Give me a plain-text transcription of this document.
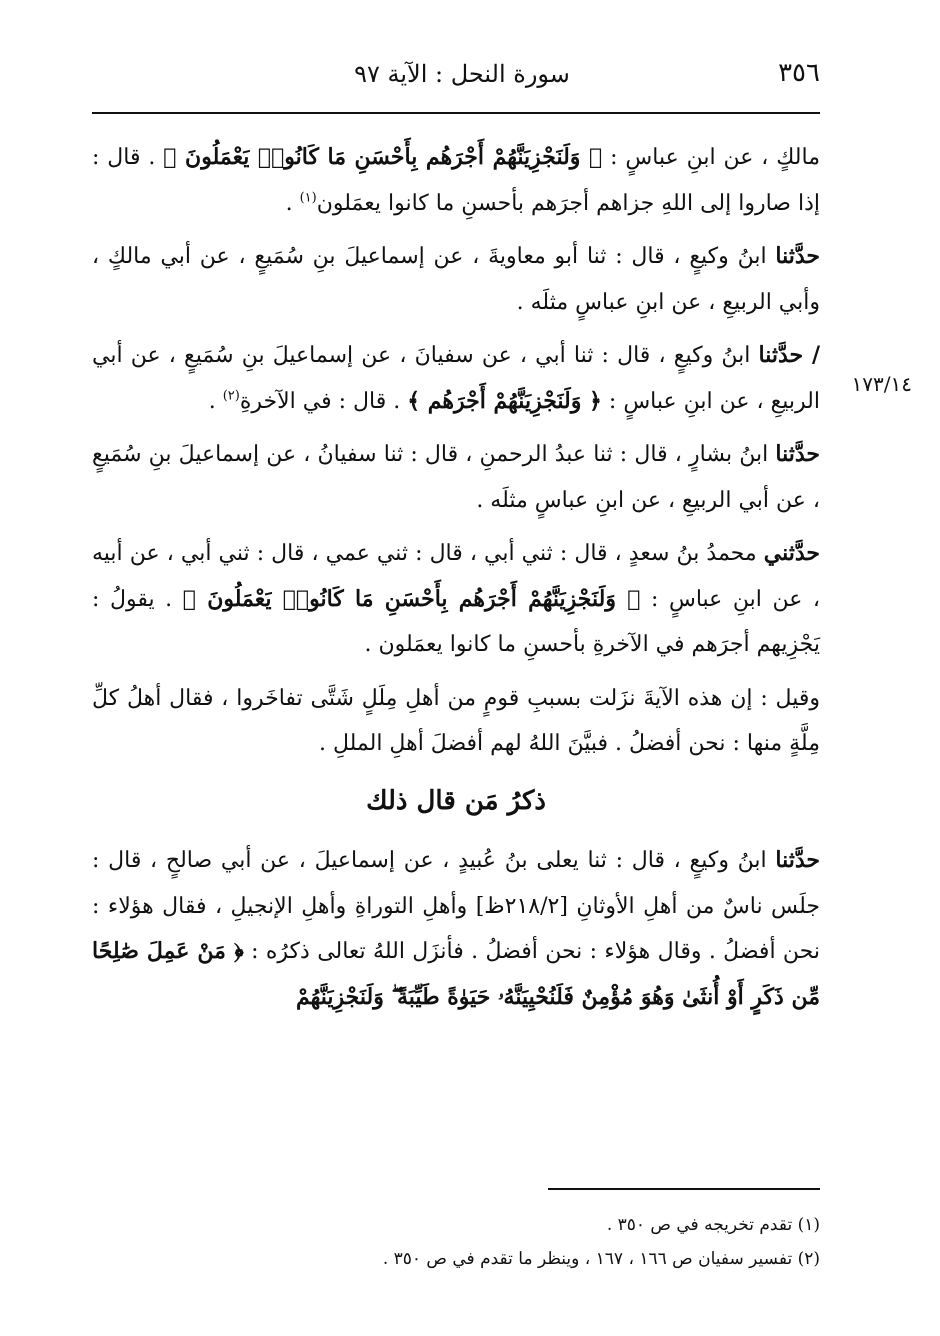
٣٥٦
سورة النحل : الآية ٩٧
١٧٣/١٤

مالكٍ ، عن ابنِ عباسٍ : ﴿ وَلَنَجْزِيَنَّهُمْ أَجْرَهُم بِأَحْسَنِ مَا كَانُوا۟ يَعْمَلُونَ ﴾ . قال : إذا صاروا إلى اللهِ جزاهم أجرَهم بأحسنِ ما كانوا يعمَلون$^{(١)}$ .

حدَّثنا ابنُ وكيعٍ ، قال : ثنا أبو معاويةَ ، عن إسماعيلَ بنِ سُمَيعٍ ، عن أبي مالكٍ ، وأبي الربيعِ ، عن ابنِ عباسٍ مثلَه .

/ حدَّثنا ابنُ وكيعٍ ، قال : ثنا أبي ، عن سفيانَ ، عن إسماعيلَ بنِ سُمَيعٍ ، عن أبي الربيعِ ، عن ابنِ عباسٍ : ﴿ وَلَنَجْزِيَنَّهُمْ أَجْرَهُم ﴾ . قال : في الآخرةِ$^{(٢)}$ .

حدَّثنا ابنُ بشارٍ ، قال : ثنا عبدُ الرحمنِ ، قال : ثنا سفيانُ ، عن إسماعيلَ بنِ سُمَيعٍ ، عن أبي الربيعِ ، عن ابنِ عباسٍ مثلَه .

حدَّثني محمدُ بنُ سعدٍ ، قال : ثني أبي ، قال : ثني عمي ، قال : ثني أبي ، عن أبيه ، عن ابنِ عباسٍ : ﴿ وَلَنَجْزِيَنَّهُمْ أَجْرَهُم بِأَحْسَنِ مَا كَانُوا۟ يَعْمَلُونَ ﴾ . يقولُ : يَجْزِيهم أجرَهم في الآخرةِ بأحسنِ ما كانوا يعمَلون .

وقيل : إن هذه الآيةَ نزَلت بسببِ قومٍ من أهلِ مِلَلٍ شَتَّى تفاخَروا ، فقال أهلُ كلِّ مِلَّةٍ منها : نحن أفضلُ . فبيَّنَ اللهُ لهم أفضلَ أهلِ المللِ .

ذكرُ مَن قال ذلك

حدَّثنا ابنُ وكيعٍ ، قال : ثنا يعلى بنُ عُبيدٍ ، عن إسماعيلَ ، عن أبي صالحٍ ، قال : جلَس ناسٌ من أهلِ الأوثانِ [٢١٨/٢ظ] وأهلِ التوراةِ وأهلِ الإنجيلِ ، فقال هؤلاء : نحن أفضلُ . وقال هؤلاء : نحن أفضلُ . فأنزَل اللهُ تعالى ذكرُه : ﴿ مَنْ عَمِلَ صَٰلِحًا مِّن ذَكَرٍ أَوْ أُنثَىٰ وَهُوَ مُؤْمِنٌ فَلَنُحْيِيَنَّهُۥ حَيَوٰةً طَيِّبَةً ۖ وَلَنَجْزِيَنَّهُمْ

(١) تقدم تخريجه في ص ٣٥٠ .

(٢) تفسير سفيان ص ١٦٦ ، ١٦٧ ، وينظر ما تقدم في ص ٣٥٠ .
